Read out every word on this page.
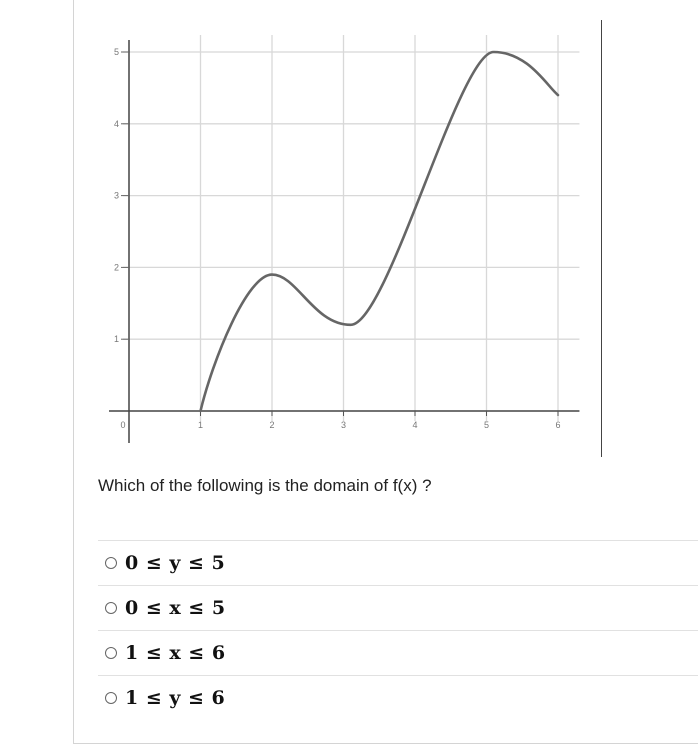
0	1	2	3	4	5	6
1
2
3
4
5

Which of the following is the domain of f(x) ?

0 ≤ y ≤ 5
0 ≤ x ≤ 5
1 ≤ x ≤ 6
1 ≤ y ≤ 6
